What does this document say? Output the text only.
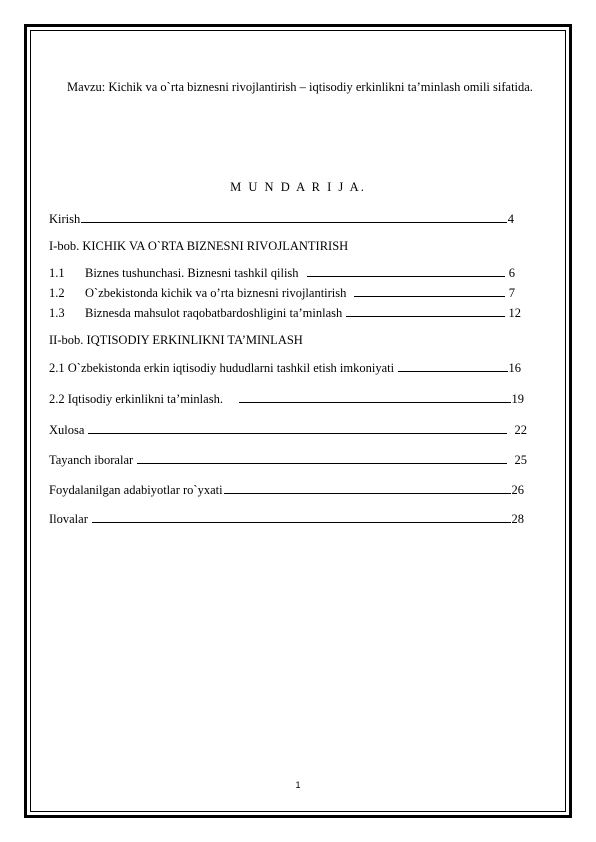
Mavzu: Kichik va o`rta biznesni rivojlantirish – iqtisodiy erkinlikni ta’minlash omili sifatida.
M U N D A R I J A.
Kirish	4
I-bob. KICHIK VA O`RTA BIZNESNI RIVOJLANTIRISH
1.1	Biznes tushunchasi. Biznesni tashkil qilish	6
1.2	O`zbekistonda kichik va o’rta biznesni rivojlantirish	7
1.3	Biznesda mahsulot raqobatbardoshligini ta’minlash	12
II-bob. IQTISODIY ERKINLIKNI TA’MINLASH
2.1 O`zbekistonda erkin iqtisodiy hududlarni tashkil etish imkoniyati	16
2.2 Iqtisodiy erkinlikni ta’minlash.	19
Xulosa	22
Tayanch iboralar	25
Foydalanilgan adabiyotlar ro`yxati	26
Ilovalar	28
1
